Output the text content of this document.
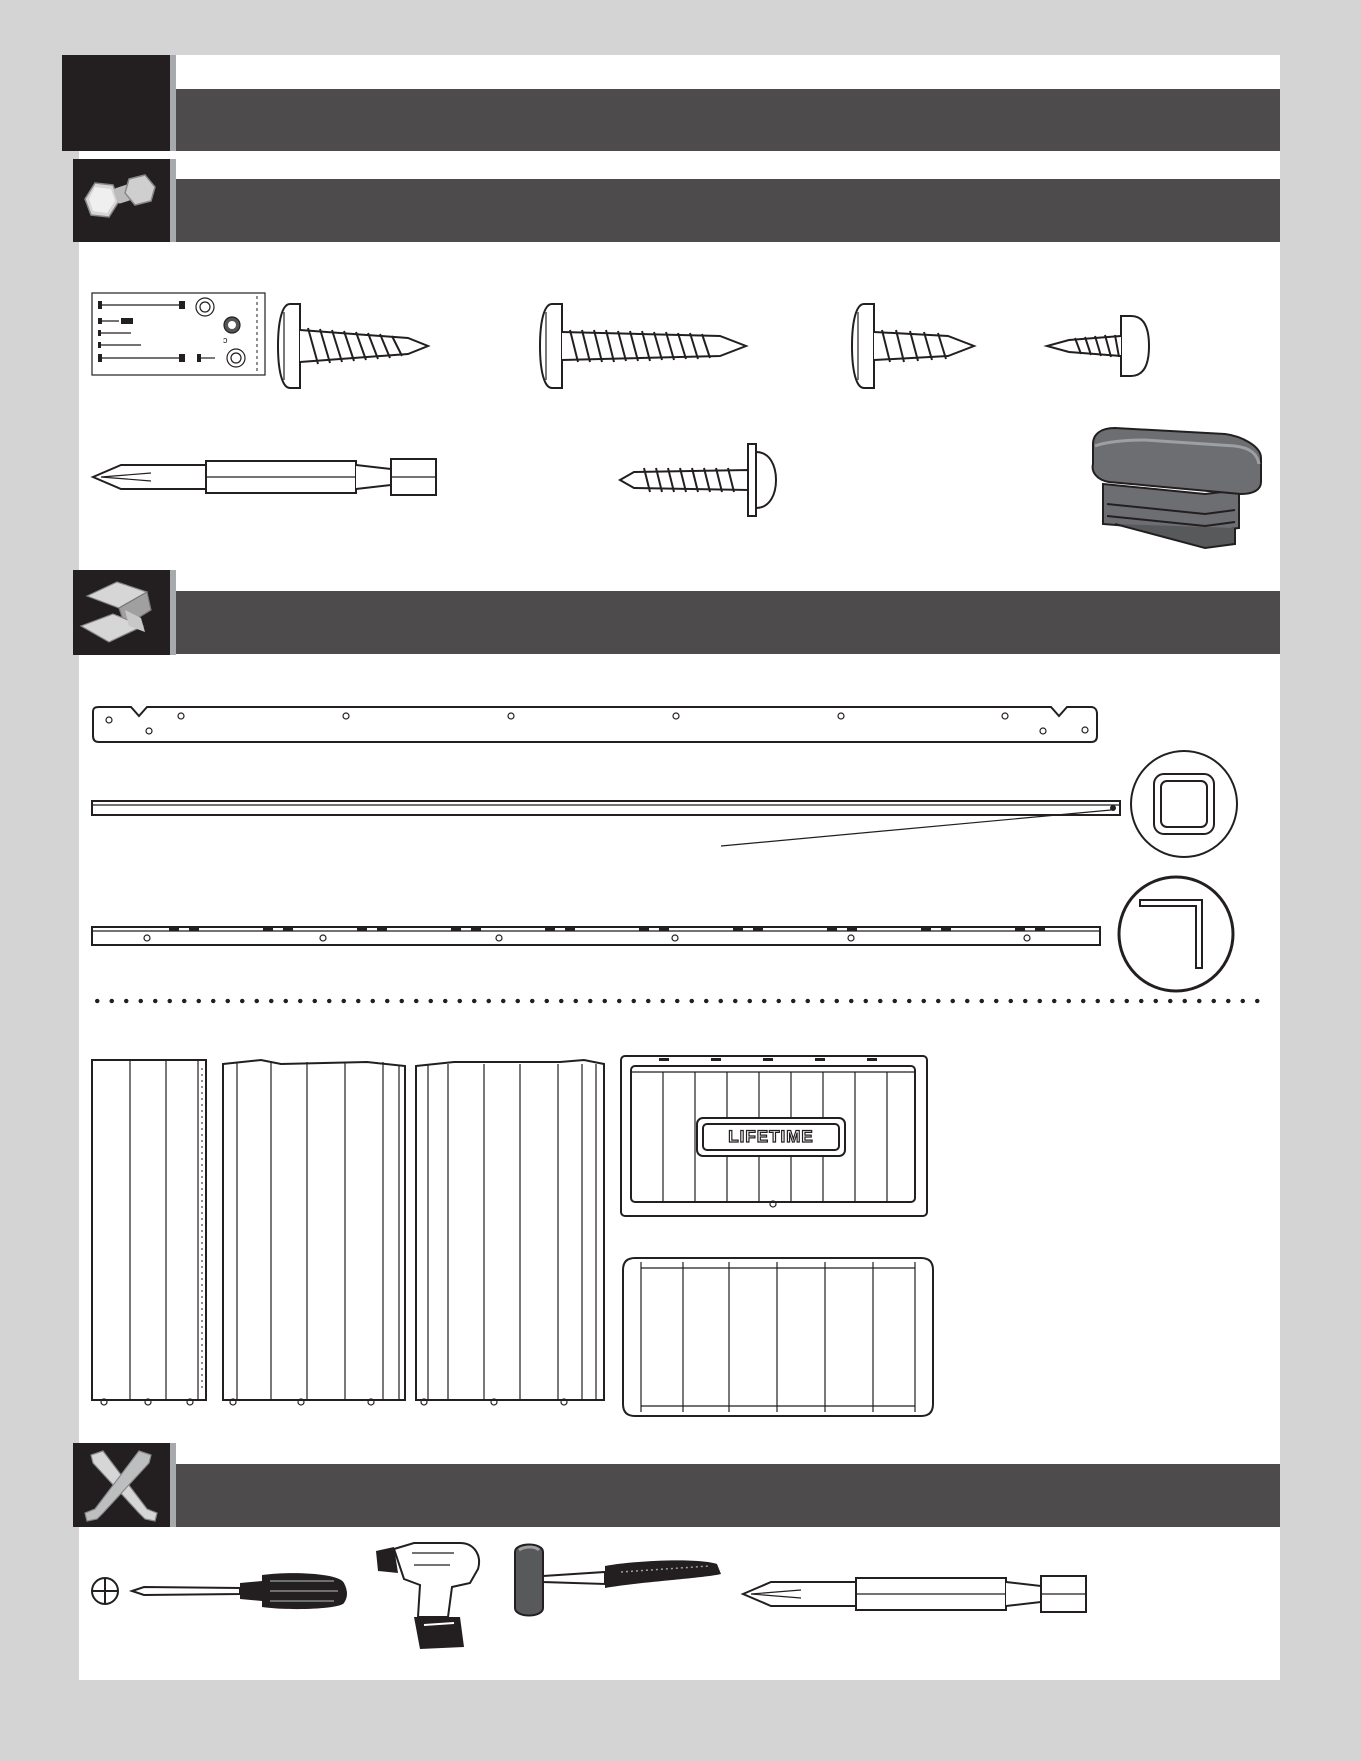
ɔ
LIFETIME
